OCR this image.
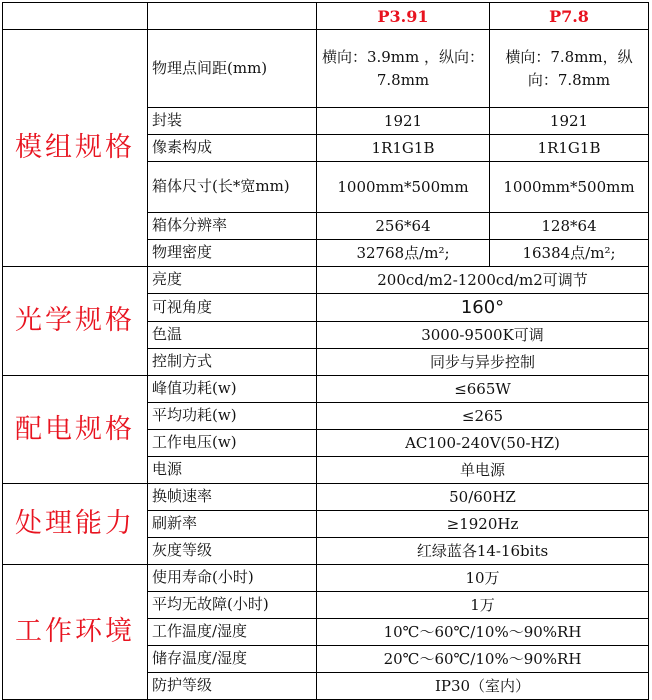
		P3.91	P7.8
模组规格	物理点间距(mm)	横向：3.9mm ，纵向：7.8mm	横向：7.8mm，纵向：7.8mm
	封装	1921	1921
	像素构成	1R1G1B	1R1G1B
	箱体尺寸(长*宽mm)	1000mm*500mm	1000mm*500mm
	箱体分辨率	256*64	128*64
	物理密度	32768点/m²;	16384点/m²;
光学规格	亮度	200cd/m2-1200cd/m2可调节	
	可视角度	160°	
	色温	3000-9500K可调	
	控制方式	同步与异步控制	
配电规格	峰值功耗(w)	≤665W	
	平均功耗(w)	≤265	
	工作电压(w)	AC100-240V(50-HZ)	
	电源	单电源	
处理能力	换帧速率	50/60HZ	
	刷新率	≥1920Hz	
	灰度等级	红绿蓝各14-16bits	
工作环境	使用寿命(小时)	10万	
	平均无故障(小时)	1万	
	工作温度/湿度	10℃～60℃/10%～90%RH	
	储存温度/湿度	20℃～60℃/10%～90%RH	
	防护等级	IP30（室内）	
